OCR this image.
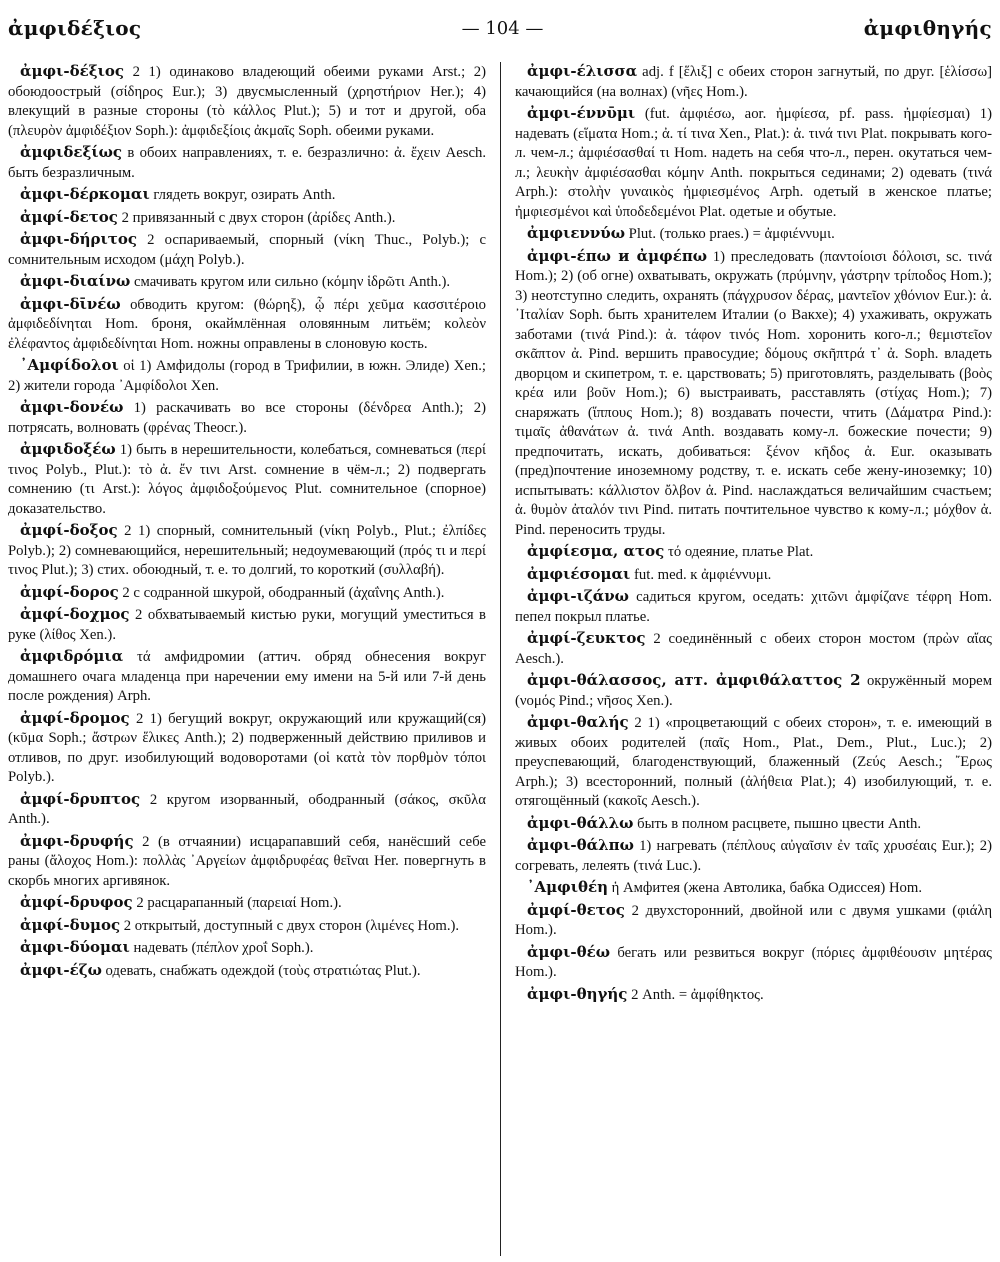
ἀμφιδέξιος	— 104 —	ἀμφιθηγής

ἀμφι-δέξιος 2 1) одинаково владеющий обеими руками Arst.; 2) обоюдоострый (σίδηρος Eur.); 3) двусмысленный (χρηστήριον Her.); 4) влекущий в разные стороны (τὸ κάλλος Plut.); 5) и тот и другой, оба (πλευρὸν ἀμφιδέξιον Soph.): ἀμφιδεξίοις ἀκμαῖς Soph. обеими руками.

ἀμφιδεξίως в обоих направлениях, т. е. безразлично: ἀ. ἔχειν Aesch. быть безразличным.

ἀμφι-δέρκομαι глядеть вокруг, озирать Anth.

ἀμφί-δετος 2 привязанный с двух сторон (ἀρίδες Anth.).

ἀμφι-δήριτος 2 оспариваемый, спорный (νίκη Thuc., Polyb.); с сомнительным исходом (μάχη Polyb.).

ἀμφι-διαίνω смачивать кругом или сильно (κόμην ἱδρῶτι Anth.).

ἀμφι-δῑνέω обводить кругом: (θώρηξ), ᾧ πέρι χεῦμα κασσιτέροιο ἀμφιδεδίνηται Hom. броня, окаймлённая оловянным литьём; κολεὸν ἐλέφαντος ἀμφιδεδίνηται Hom. ножны оправлены в слоновую кость.

᾿Αμφίδολοι οἱ 1) Амфидолы (город в Трифилии, в южн. Элиде) Xen.; 2) жители города ᾿Αμφίδολοι Xen.

ἀμφι-δονέω 1) раскачивать во все стороны (δένδρεα Anth.); 2) потрясать, волновать (φρένας Theocr.).

ἀμφιδοξέω 1) быть в нерешительности, колебаться, сомневаться (περί τινος Polyb., Plut.): τὸ ἀ. ἔν τινι Arst. сомнение в чём-л.; 2) подвергать сомнению (τι Arst.): λόγος ἀμφιδοξούμενος Plut. сомнительное (спорное) доказательство.

ἀμφί-δοξος 2 1) спорный, сомнительный (νίκη Polyb., Plut.; ἐλπίδες Polyb.); 2) сомневающийся, нерешительный; недоумевающий (πρός τι и περί τινος Plut.); 3) стих. обоюдный, т. е. то долгий, то короткий (συλλαβή).

ἀμφί-δορος 2 с содранной шкурой, ободранный (ἀχαΐνης Anth.).

ἀμφί-δοχμος 2 обхватываемый кистью руки, могущий уместиться в руке (λίθος Xen.).

ἀμφιδρόμια τά амфидромии (аттич. обряд обнесения вокруг домашнего очага младенца при наречении ему имени на 5-й или 7-й день после рождения) Arph.

ἀμφί-δρομος 2 1) бегущий вокруг, окружающий или кружащий(ся) (κῦμα Soph.; ἄστρων ἕλικες Anth.); 2) подверженный действию приливов и отливов, по друг. изобилующий водоворотами (οἱ κατὰ τὸν πορθμὸν τόποι Polyb.).

ἀμφί-δρυπτος 2 кругом изорванный, ободранный (σάκος, σκῦλα Anth.).

ἀμφι-δρυφής 2 (в отчаянии) исцарапавший себя, нанёсший себе раны (ἄλοχος Hom.): πολλὰς ᾿Αργείων ἀμφιδρυφέας θεῖναι Her. повергнуть в скорбь многих аргивянок.

ἀμφί-δρυφος 2 расцарапанный (παρειαί Hom.).

ἀμφί-δυμος 2 открытый, доступный с двух сторон (λιμένες Hom.).

ἀμφι-δύομαι надевать (πέπλον χροΐ Soph.).

ἀμφι-έζω одевать, снабжать одеждой (τοὺς στρατιώτας Plut.).

ἀμφι-έλισσα adj. f [ἕλιξ] с обеих сторон загнутый, по друг. [ἑλίσσω] качающийся (на волнах) (νῆες Hom.).

ἀμφι-έννῡμι (fut. ἀμφιέσω, aor. ἠμφίεσα, pf. pass. ἠμφίεσμαι) 1) надевать (εἵματα Hom.; ἀ. τί τινα Xen., Plat.): ἀ. τινά τινι Plat. покрывать кого-л. чем-л.; ἀμφιέσασθαί τι Hom. надеть на себя что-л., перен. окутаться чем-л.; λευκὴν ἀμφιέσασθαι κόμην Anth. покрыться сединами; 2) одевать (τινά Arph.): στολὴν γυναικὸς ἠμφιεσμένος Arph. одетый в женское платье; ἠμφιεσμένοι καὶ ὑποδεδεμένοι Plat. одетые и обутые.

ἀμφιεννύω Plut. (только praes.) = ἀμφιέννυμι.

ἀμφι-έπω и ἀμφέπω 1) преследовать (παντοίοισι δόλοισι, sc. τινά Hom.); 2) (об огне) охватывать, окружать (πρύμνην, γάστρην τρίποδος Hom.); 3) неотступно следить, охранять (πάγχρυσον δέρας, μαντεῖον χθόνιον Eur.): ἀ. ᾿Ιταλίαν Soph. быть хранителем Италии (о Вакхе); 4) ухаживать, окружать заботами (τινά Pind.): ἀ. τάφον τινός Hom. хоронить кого-л.; θεμιστεῖον σκᾶπτον ἀ. Pind. вершить правосудие; δόμους σκῆπτρά τ᾿ ἀ. Soph. владеть дворцом и скипетром, т. е. царствовать; 5) приготовлять, разделывать (βοὸς κρέα или βοῦν Hom.); 6) выстраивать, расставлять (στίχας Hom.); 7) снаряжать (ἵππους Hom.); 8) воздавать почести, чтить (Δάματρα Pind.): τιμαῖς ἀθανάτων ἀ. τινά Anth. воздавать кому-л. божеские почести; 9) предпочитать, искать, добиваться: ξένον κῆδος ἀ. Eur. оказывать (пред)почтение иноземному родству, т. е. искать себе жену-иноземку; 10) испытывать: κάλλιστον ὄλβον ἀ. Pind. наслаждаться величайшим счастьем; ἀ. θυμὸν ἀταλόν τινι Pind. питать почтительное чувство к кому-л.; μόχθον ἀ. Pind. переносить труды.

ἀμφίεσμα, ατος τό одеяние, платье Plat.

ἀμφιέσομαι fut. med. к ἀμφιέννυμι.

ἀμφι-ιζάνω садиться кругом, оседать: χιτῶνι ἀμφίζανε τέφρη Hom. пепел покрыл платье.

ἀμφί-ζευκτος 2 соединённый с обеих сторон мостом (πρὼν αἴας Aesch.).

ἀμφι-θάλασσος, атт. ἀμφιθάλαττος 2 окружённый морем (νομός Pind.; νῆσος Xen.).

ἀμφι-θαλής 2 1) «процветающий с обеих сторон», т. е. имеющий в живых обоих родителей (παῖς Hom., Plat., Dem., Plut., Luc.); 2) преуспевающий, благоденствующий, блаженный (Ζεύς Aesch.; ῎Ερως Arph.); 3) всесторонний, полный (ἀλήθεια Plat.); 4) изобилующий, т. е. отягощённый (κακοῖς Aesch.).

ἀμφι-θάλλω быть в полном расцвете, пышно цвести Anth.

ἀμφι-θάλπω 1) нагревать (πέπλους αὐγαῖσιν ἐν ταῖς χρυσέαις Eur.); 2) согревать, лелеять (τινά Luc.).

᾿Αμφιθέη ἡ Амфитея (жена Автолика, бабка Одиссея) Hom.

ἀμφί-θετος 2 двухсторонний, двойной или с двумя ушками (φιάλη Hom.).

ἀμφι-θέω бегать или резвиться вокруг (πόριες ἀμφιθέουσιν μητέρας Hom.).

ἀμφι-θηγής 2 Anth. = ἀμφίθηκτος.
